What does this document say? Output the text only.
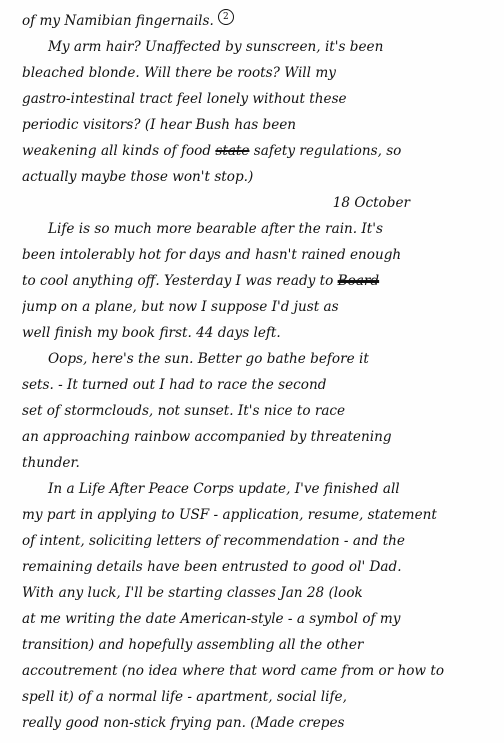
of my Namibian fingernails. 2
My arm hair? Unaffected by sunscreen, it's been
bleached blonde. Will there be roots? Will my
gastro-intestinal tract feel lonely without these
periodic visitors? (I hear Bush has been
weakening all kinds of food state safety regulations, so
actually maybe those won't stop.)
18 October
Life is so much more bearable after the rain. It's
been intolerably hot for days and hasn't rained enough
to cool anything off. Yesterday I was ready to Board
jump on a plane, but now I suppose I'd just as
well finish my book first. 44 days left.
Oops, here's the sun. Better go bathe before it
sets. - It turned out I had to race the second
set of stormclouds, not sunset. It's nice to race
an approaching rainbow accompanied by threatening
thunder.
In a Life After Peace Corps update, I've finished all
my part in applying to USF - application, resume, statement
of intent, soliciting letters of recommendation - and the
remaining details have been entrusted to good ol' Dad.
With any luck, I'll be starting classes Jan 28 (look
at me writing the date American-style - a symbol of my
transition) and hopefully assembling all the other
accoutrement (no idea where that word came from or how to
spell it) of a normal life - apartment, social life,
really good non-stick frying pan. (Made crepes
